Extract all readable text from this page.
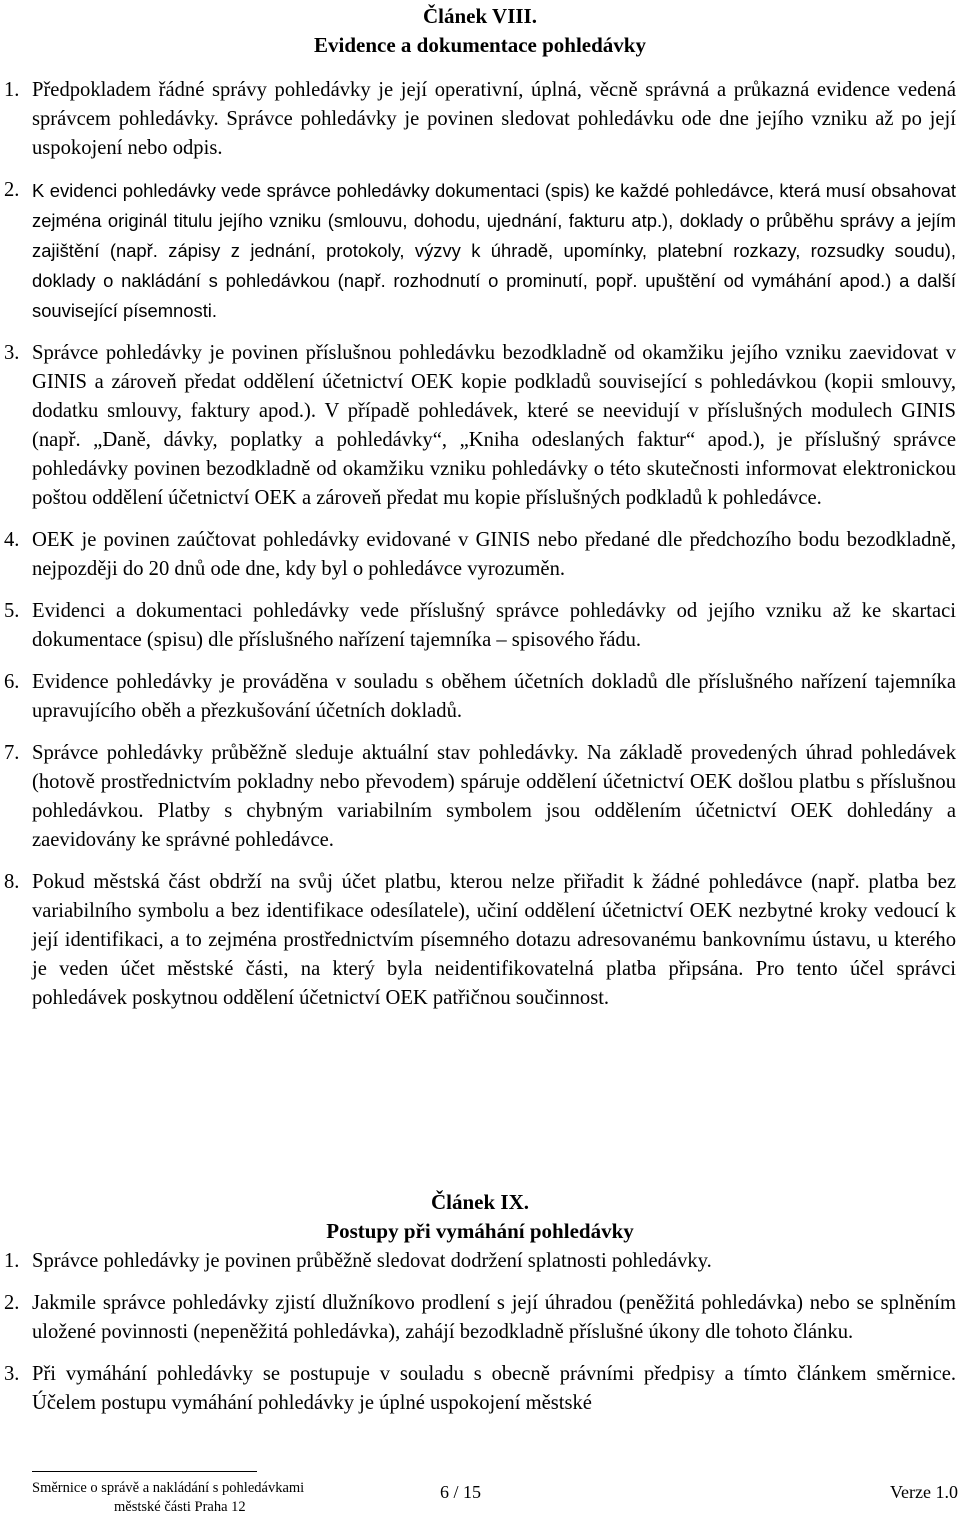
Článek VIII.

Evidence a dokumentace pohledávky

1. Předpokladem řádné správy pohledávky je její operativní, úplná, věcně správná a průkazná evidence vedená správcem pohledávky. Správce pohledávky je povinen sledovat pohledávku ode dne jejího vzniku až po její uspokojení nebo odpis.
2. K evidenci pohledávky vede správce pohledávky dokumentaci (spis) ke každé pohledávce, která musí obsahovat zejména originál titulu jejího vzniku (smlouvu, dohodu, ujednání, fakturu atp.), doklady o průběhu správy a jejím zajištění (např. zápisy z jednání, protokoly, výzvy k úhradě, upomínky, platební rozkazy, rozsudky soudu), doklady o nakládání s pohledávkou (např. rozhodnutí o prominutí, popř. upuštění od vymáhání apod.) a další související písemnosti.
3. Správce pohledávky je povinen příslušnou pohledávku bezodkladně od okamžiku jejího vzniku zaevidovat v GINIS a zároveň předat oddělení účetnictví OEK kopie podkladů související s pohledávkou (kopii smlouvy, dodatku smlouvy, faktury apod.). V případě pohledávek, které se neevidují v příslušných modulech GINIS (např. „Daně, dávky, poplatky a pohledávky“, „Kniha odeslaných faktur“ apod.), je příslušný správce pohledávky povinen bezodkladně od okamžiku vzniku pohledávky o této skutečnosti informovat elektronickou poštou oddělení účetnictví OEK a zároveň předat mu kopie příslušných podkladů k pohledávce.
4. OEK je povinen zaúčtovat pohledávky evidované v GINIS nebo předané dle předchozího bodu bezodkladně, nejpozději do 20 dnů ode dne, kdy byl o pohledávce vyrozuměn.
5. Evidenci a dokumentaci pohledávky vede příslušný správce pohledávky od jejího vzniku až ke skartaci dokumentace (spisu) dle příslušného nařízení tajemníka – spisového řádu.
6. Evidence pohledávky je prováděna v souladu s oběhem účetních dokladů dle příslušného nařízení tajemníka upravujícího oběh a přezkušování účetních dokladů.
7. Správce pohledávky průběžně sleduje aktuální stav pohledávky. Na základě provedených úhrad pohledávek (hotově prostřednictvím pokladny nebo převodem) spáruje oddělení účetnictví OEK došlou platbu s příslušnou pohledávkou. Platby s chybným variabilním symbolem jsou oddělením účetnictví OEK dohledány a zaevidovány ke správné pohledávce.
8. Pokud městská část obdrží na svůj účet platbu, kterou nelze přiřadit k žádné pohledávce (např. platba bez variabilního symbolu a bez identifikace odesílatele), učiní oddělení účetnictví OEK nezbytné kroky vedoucí k její identifikaci, a to zejména prostřednictvím písemného dotazu adresovanému bankovnímu ústavu, u kterého je veden účet městské části, na který byla neidentifikovatelná platba připsána. Pro tento účel správci pohledávek poskytnou oddělení účetnictví OEK patřičnou součinnost.

Článek IX.

Postupy při vymáhání pohledávky

1. Správce pohledávky je povinen průběžně sledovat dodržení splatnosti pohledávky.
2. Jakmile správce pohledávky zjistí dlužníkovo prodlení s její úhradou (peněžitá pohledávka) nebo se splněním uložené povinnosti (nepeněžitá pohledávka), zahájí bezodkladně příslušné úkony dle tohoto článku.
3. Při vymáhání pohledávky se postupuje v souladu s obecně právními předpisy a tímto článkem směrnice. Účelem postupu vymáhání pohledávky je úplné uspokojení městské
Směrnice o správě a nakládání s pohledávkami
městské části Praha 12
6 / 15	Verze 1.0
